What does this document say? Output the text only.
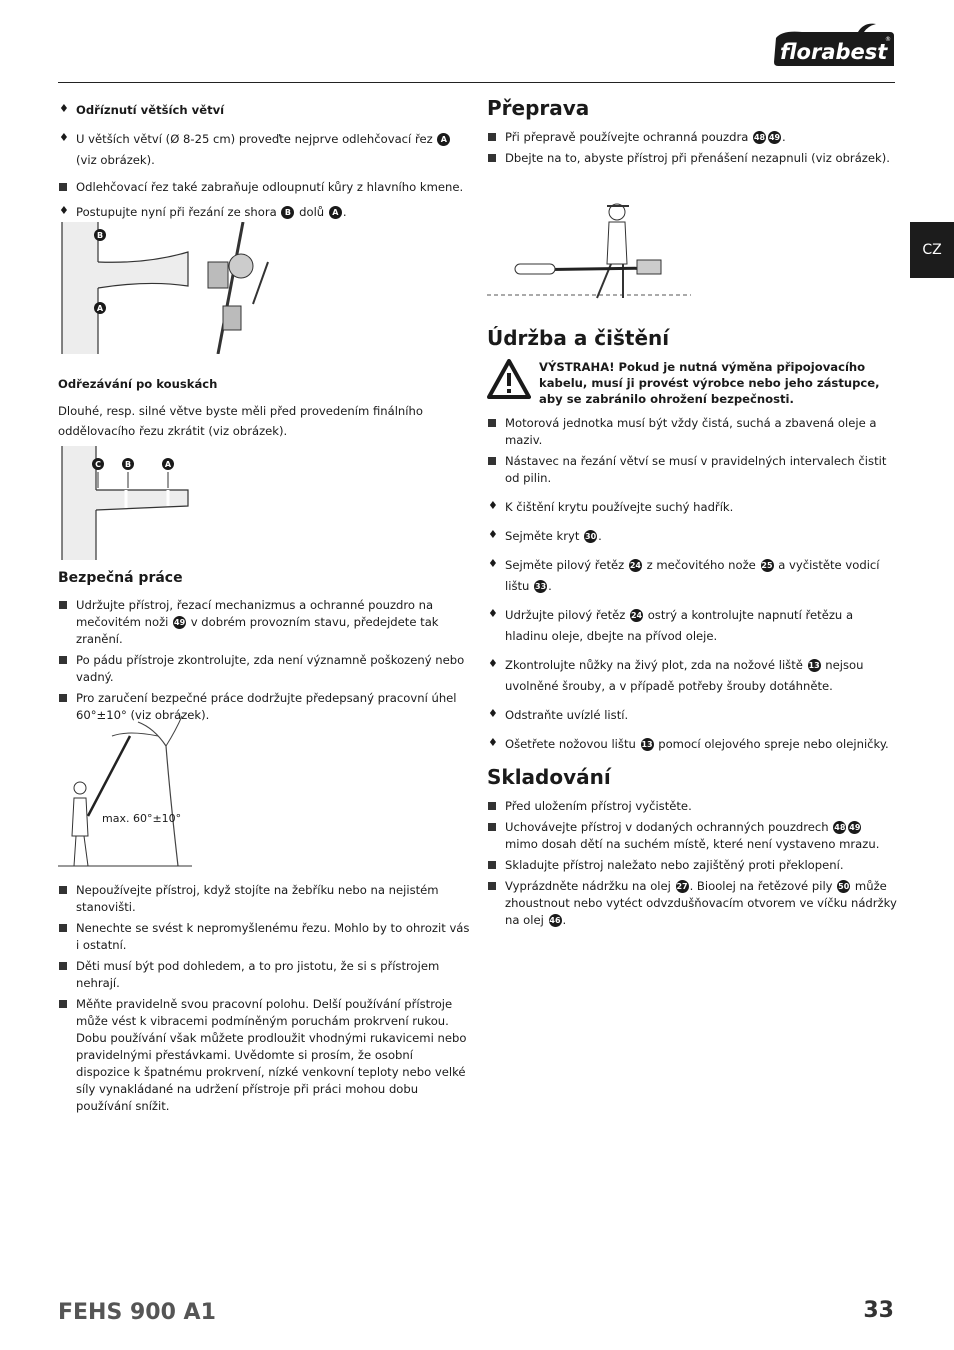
florabest
®
CZ
Odříznutí větších větví
U větších větví (Ø 8-25 cm) proveďte nejprve odlehčovací řez A
(viz obrázek).
Odlehčovací řez také zabraňuje odloupnutí kůry z hlavního kmene.
Postupujte nyní při řezání ze shora B dolů A .
B
A

Odřezávání po kouskách

Dlouhé, resp. silné větve byste měli před provedením finálního oddělovacího řezu zkrátit (viz obrázek).

C	B	A
Bezpečná práce
Udržujte přístroj, řezací mechanizmus a ochranné pouzdro na mečovitém noži 49 v dobrém provozním stavu, předejdete tak zranění.
Po pádu přístroje zkontrolujte, zda není významně poškozený nebo vadný.
Pro zaručení bezpečné práce dodržujte předepsaný pracovní úhel 60°±10° (viz obrázek).
max. 60°±10°
Nepoužívejte přístroj, když stojíte na žebříku nebo na nejistém stanovišti.
Nenechte se svést k nepromyšlenému řezu. Mohlo by to ohrozit vás i ostatní.
Děti musí být pod dohledem, a to pro jistotu, že si s přístrojem nehrají.
Měňte pravidelně svou pracovní polohu. Delší používání přístroje může vést k vibracemi podmíněným poruchám prokrvení rukou. Dobu používání však můžete prodloužit vhodnými rukavicemi nebo pravidelnými přestávkami. Uvědomte si prosím, že osobní dispozice k špatnému prokrvení, nízké venkovní teploty nebo velké síly vynakládané na udržení přístroje při práci mohou dobu používání snížit.
Přeprava
Při přepravě používejte ochranná pouzdra 48 49 .
Dbejte na to, abyste přístroj při přenášení nezapnuli (viz obrázek).
Údržba a čištění
VÝSTRAHA! Pokud je nutná výměna připojovacího kabelu, musí ji provést výrobce nebo jeho zástupce, aby se zabránilo ohrožení bezpečnosti.
Motorová jednotka musí být vždy čistá, suchá a zbavená oleje a maziv.
Nástavec na řezání větví se musí v pravidelných intervalech čistit od pilin.
K čištění krytu používejte suchý hadřík.
Sejměte kryt 30 .
Sejměte pilový řetěz 24 z mečovitého nože 25 a vyčistěte vodicí lištu 33 .
Udržujte pilový řetěz 24 ostrý a kontrolujte napnutí řetězu a hladinu oleje, dbejte na přívod oleje.
Zkontrolujte nůžky na živý plot, zda na nožové liště 13 nejsou uvolněné šrouby, a v případě potřeby šrouby dotáhněte.
Odstraňte uvízlé listí.
Ošetřete nožovou lištu 13 pomocí olejového spreje nebo olejničky.
Skladování
Před uložením přístroj vyčistěte.
Uchovávejte přístroj v dodaných ochranných pouzdrech 48 49 mimo dosah dětí na suchém místě, které není vystaveno mrazu.
Skladujte přístroj naležato nebo zajištěný proti překlopení.
Vyprázdněte nádržku na olej 27 . Bioolej na řetězové pily 50 může zhoustnout nebo vytéct odvzdušňovacím otvorem ve víčku nádržky na olej 46 .
FEHS 900 A1	33
